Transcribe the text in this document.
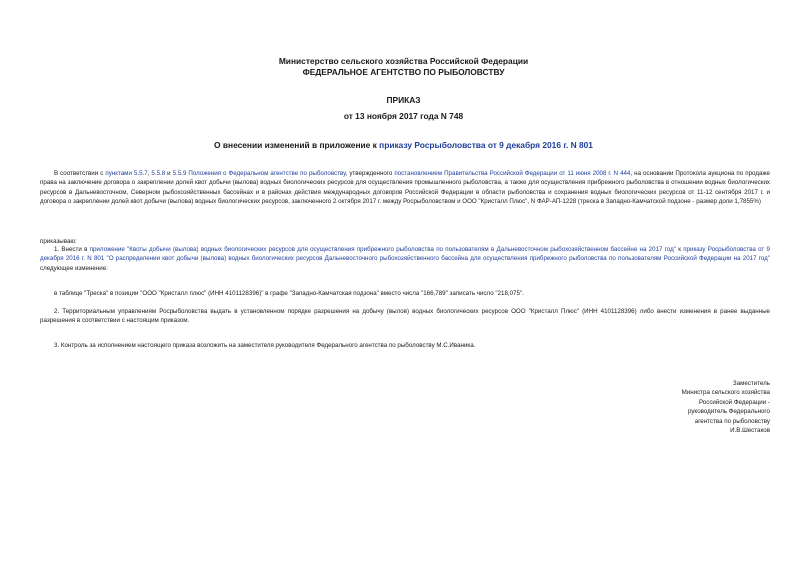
Министерство сельского хозяйства Российской Федерации
ФЕДЕРАЛЬНОЕ АГЕНТСТВО ПО РЫБОЛОВСТВУ
ПРИКАЗ
от 13 ноября 2017 года N 748
О внесении изменений в приложение к приказу Росрыболовства от 9 декабря 2016 г. N 801
В соответствии с пунктами 5.5.7, 5.5.8 и 5.5.9 Положения о Федеральном агентстве по рыболовству, утвержденного постановлением Правительства Российской Федерации от 11 июня 2008 г. N 444, на основании Протокола аукциона по продаже права на заключение договора о закреплении долей квот добычи (вылова) водных биологических ресурсов для осуществления промышленного рыболовства, а также для осуществления прибрежного рыболовства в отношении водных биологических ресурсов в Дальневосточном, Северном рыбохозяйственных бассейнах и в районах действия международных договоров Российской Федерации в области рыболовства и сохранения водных биологических ресурсов от 11-12 сентября 2017 г. и договора о закреплении долей квот добычи (вылова) водных биологических ресурсов, заключенного 2 октября 2017 г. между Росрыболовством и ООО "Кристалл Плюс", N ФАР-АП-1228 (треска в Западно-Камчатской подзоне - размер доли 1,7855%)
приказываю:
1. Внести в приложение "Квоты добычи (вылова) водных биологических ресурсов для осуществления прибрежного рыболовства по пользователям в Дальневосточном рыбохозяйственном бассейне на 2017 год" к приказу Росрыболовства от 9 декабря 2016 г. N 801 "О распределении квот добычи (вылова) водных биологических ресурсов Дальневосточного рыбохозяйственного бассейна для осуществления прибрежного рыболовства по пользователям Российской Федерации на 2017 год" следующее изменение:
в таблице "Треска" в позиции "ООО "Кристалл плюс" (ИНН 4101128396)" в графе "Западно-Камчатская подзона" вместо числа "166,789" записать число "218,075".
2. Территориальным управлениям Росрыболовства выдать в установленном порядке разрешения на добычу (вылов) водных биологических ресурсов ООО "Кристалл Плюс" (ИНН 4101128396) либо внести изменения в ранее выданные разрешения в соответствии с настоящим приказом.
3. Контроль за исполнением настоящего приказа возложить на заместителя руководителя Федерального агентства по рыболовству М.С.Иваника.
Заместитель
Министра сельского хозяйства
Российской Федерации -
руководитель Федерального
агентства по рыболовству
И.В.Шестаков
